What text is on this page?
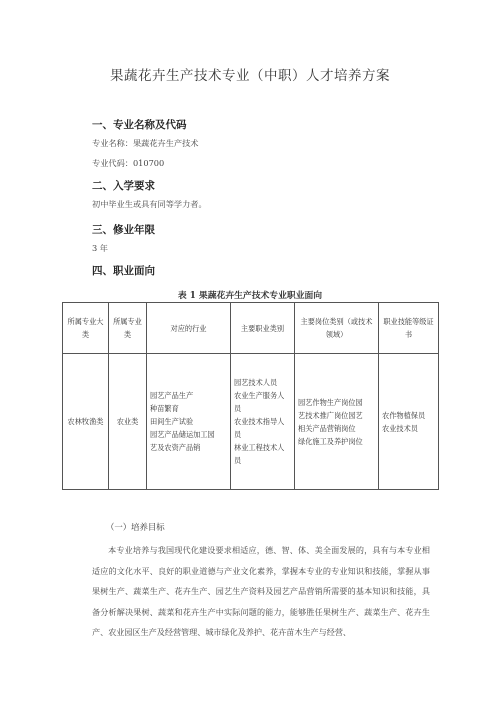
果蔬花卉生产技术专业（中职）人才培养方案
一、专业名称及代码
专业名称：果蔬花卉生产技术
专业代码：010700
二、入学要求
初中毕业生或具有同等学力者。
三、修业年限
3 年
四、职业面向
表 1 果蔬花卉生产技术专业职业面向
所属专业大类	所属专业类	对应的行业	主要职业类别	主要岗位类别（或技术领域）	职业技能等级证书
农林牧渔类	农业类	园艺产品生产
种苗繁育
田间生产试验
园艺产品储运加工园
艺及农资产品销	园艺技术人员
农业生产服务人员
农业技术指导人员
林业工程技术人员	园艺作物生产岗位园
艺技术推广岗位园艺
相关产品营销岗位
绿化施工及养护岗位	农作物植保员
农业技术员
（一）培养目标
本专业培养与我国现代化建设要求相适应，德、智、体、美全面发展的，具有与本专业相适应的文化水平、良好的职业道德与产业文化素养，掌握本专业的专业知识和技能，掌握从事果树生产、蔬菜生产、花卉生产、园艺生产资料及园艺产品营销所需要的基本知识和技能，具备分析解决果树、蔬菜和花卉生产中实际问题的能力，能够胜任果树生产、蔬菜生产、花卉生产、农业园区生产及经营管理、城市绿化及养护、花卉苗木生产与经营、
